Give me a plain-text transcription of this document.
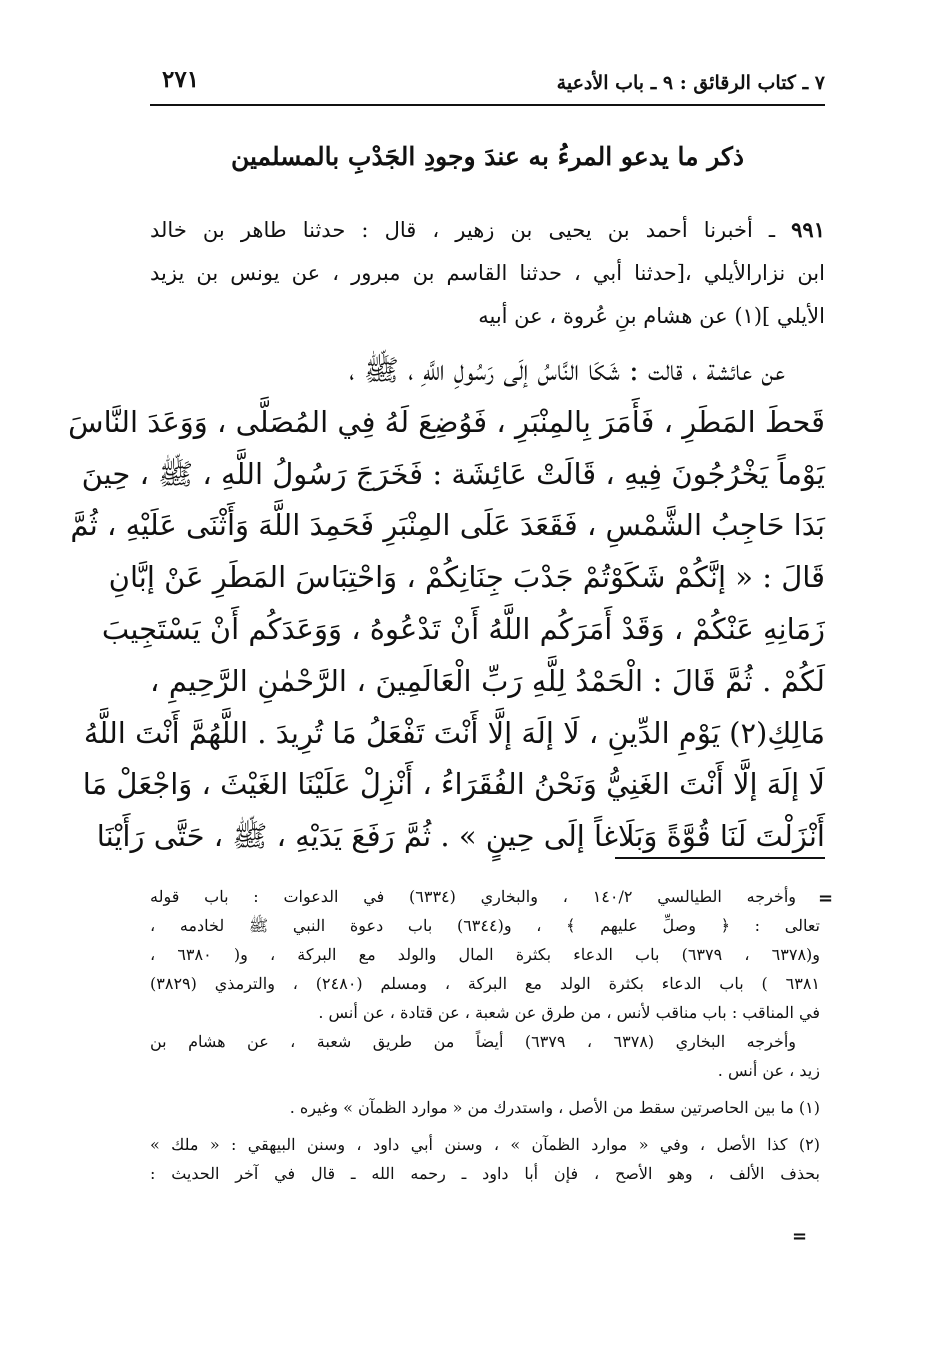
٧ ـ كتاب الرقائق : ٩ ـ باب الأدعية
٢٧١
ذكر ما يدعو المرءُ به عندَ وجودِ الجَدْبِ بالمسلمين
٩٩١ ـ أخبرنا أحمد بن يحيى بن زهير ، قال : حدثنا طاهر بن خالد
ابن نزارالأيلي ،[حدثنا أبي ، حدثنا القاسم بن مبرور ، عن يونس بن يزيد
الأيلي ](١) عن هشام بنِ عُروة ، عن أبيه
عن عائشة ، قالت : شَكَا النَّاسُ إلَى رَسُولِ اللَّهِ ، ﷺ ،
قَحطَ المَطَرِ ، فَأَمَرَ بِالمِنْبَرِ ، فَوُضِعَ لَهُ فِي المُصَلَّى ، وَوَعَدَ النَّاسَ
يَوْماً يَخْرُجُونَ فِيهِ ، قَالَتْ عَائِشَة : فَخَرَجَ رَسُولُ اللَّهِ ، ﷺ ، حِينَ
بَدَا حَاجِبُ الشَّمْسِ ، فَقَعَدَ عَلَى المِنْبَرِ فَحَمِدَ اللَّهَ وَأَثْنَى عَلَيْهِ ، ثُمَّ
قَالَ : « إنَّكُمْ شَكَوْتُمْ جَدْبَ جِنَانِكُمْ ، وَاحْتِبَاسَ المَطَرِ عَنْ إبَّانِ
زَمَانِهِ عَنْكُمْ ، وَقَدْ أَمَرَكُم اللَّهُ أَنْ تَدْعُوهُ ، وَوَعَدَكُم أَنْ يَسْتَجِيبَ
لَكُمْ . ثُمَّ قَالَ : الْحَمْدُ لِلَّهِ رَبِّ الْعَالَمِينَ ، الرَّحْمٰنِ الرَّحِيمِ ،
مَالِكِ(٢) يَوْمِ الدِّينِ ، لَا إلَهَ إلَّا أَنْتَ تَفْعَلُ مَا تُرِيدَ . اللَّهُمَّ أَنْتَ اللَّهُ
لَا إلَهَ إلَّا أَنْتَ الغَنِيُّ وَنَحْنُ الفُقَرَاءُ ، أَنْزِلْ عَلَيْنَا الغَيْثَ ، وَاجْعَلْ مَا
أَنْزَلْتَ لَنَا قُوَّةً وَبَلَاغاً إلَى حِينٍ » . ثُمَّ رَفَعَ يَدَيْهِ ، ﷺ ، حَتَّى رَأَيْنَا
=
وأخرجه الطيالسي ١٤٠/٢ ، والبخاري (٦٣٣٤) في الدعوات : باب قوله
تعالى : ﴿ وصلِّ عليهم ﴾ ، و(٦٣٤٤) باب دعوة النبي ﷺ لخادمه ،
و(٦٣٧٨ ، ٦٣٧٩) باب الدعاء بكثرة المال والولد مع البركة ، و( ٦٣٨٠ ،
٦٣٨١ ) باب الدعاء بكثرة الولد مع البركة ، ومسلم (٢٤٨٠) ، والترمذي (٣٨٢٩)
في المناقب : باب مناقب لأنس ، من طرق عن شعبة ، عن قتادة ، عن أنس .
وأخرجه البخاري (٦٣٧٨ ، ٦٣٧٩) أيضاً من طريق شعبة ، عن هشام بن
زيد ، عن أنس .
(١) ما بين الحاصرتين سقط من الأصل ، واستدرك من « موارد الظمآن » وغيره .
(٢) كذا الأصل ، وفي « موارد الظمآن » ، وسنن أبي داود ، وسنن البيهقي : « ملك »
بحذف الألف ، وهو الأصح ، فإن أبا داود ـ رحمه الله ـ قال في آخر الحديث :
=
